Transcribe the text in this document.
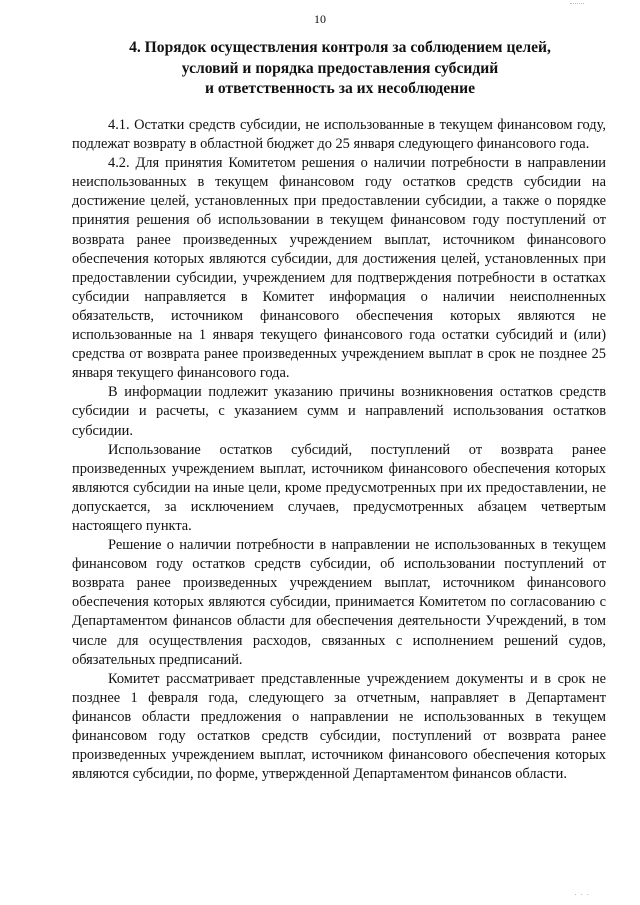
10
4. Порядок осуществления контроля за соблюдением целей,
условий и порядка предоставления субсидий
и ответственность за их несоблюдение

4.1. Остатки средств субсидии, не использованные в текущем финансовом году, подлежат возврату в областной бюджет до 25 января следующего финансового года.

4.2. Для принятия Комитетом решения о наличии потребности в направлении неиспользованных в текущем финансовом году остатков средств субсидии на достижение целей, установленных при предоставлении субсидии, а также о порядке принятия решения об использовании в текущем финансовом году поступлений от возврата ранее произведенных учреждением выплат, источником финансового обеспечения которых являются субсидии, для достижения целей, установленных при предоставлении субсидии, учреждением для подтверждения потребности в остатках субсидии направляется в Комитет информация о наличии неисполненных обязательств, источником финансового обеспечения которых являются не использованные на 1 января текущего финансового года остатки субсидий и (или) средства от возврата ранее произведенных учреждением выплат в срок не позднее 25 января текущего финансового года.

В информации подлежит указанию причины возникновения остатков средств субсидии и расчеты, с указанием сумм и направлений использования остатков субсидии.

Использование остатков субсидий, поступлений от возврата ранее произведенных учреждением выплат, источником финансового обеспечения которых являются субсидии на иные цели, кроме предусмотренных при их предоставлении, не допускается, за исключением случаев, предусмотренных абзацем четвертым настоящего пункта.

Решение о наличии потребности в направлении не использованных в текущем финансовом году остатков средств субсидии, об использовании поступлений от возврата ранее произведенных учреждением выплат, источником финансового обеспечения которых являются субсидии, принимается Комитетом по согласованию с Департаментом финансов области для обеспечения деятельности Учреждений, в том числе для осуществления расходов, связанных с исполнением решений судов, обязательных предписаний.

Комитет рассматривает представленные учреждением документы и в срок не позднее 1 февраля года, следующего за отчетным, направляет в Департамент финансов области предложения о направлении не использованных в текущем финансовом году остатков средств субсидии, поступлений от возврата ранее произведенных учреждением выплат, источником финансового обеспечения которых являются субсидии, по форме, утвержденной Департаментом финансов области.

· · ·
